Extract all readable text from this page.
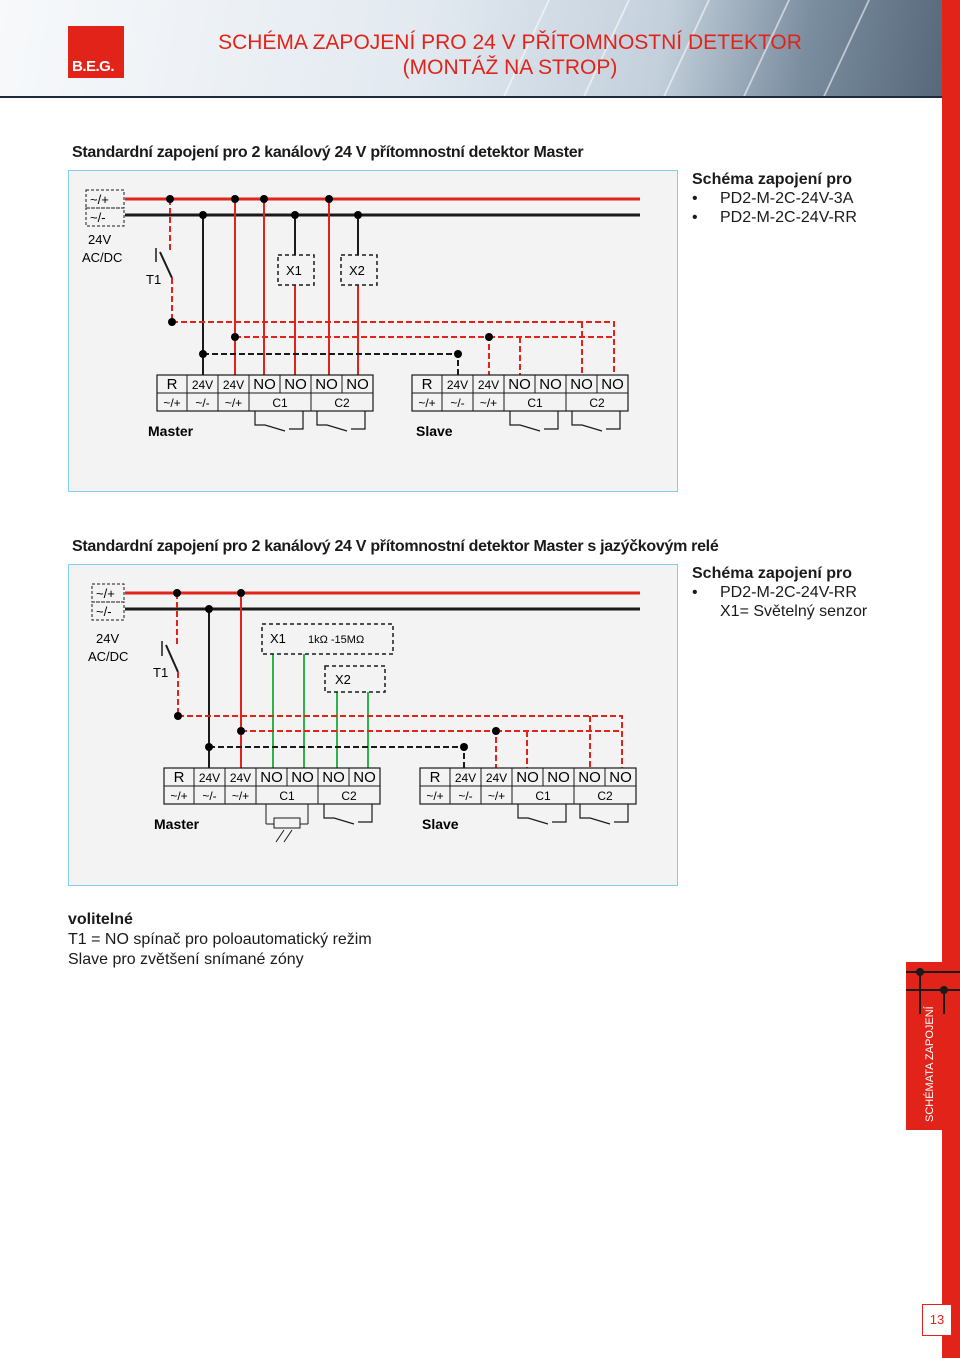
B.E.G.
SCHÉMA ZAPOJENÍ PRO 24 V PŘÍTOMNOSTNÍ DETEKTOR
(MONTÁŽ NA STROP)
SCHÉMATA ZAPOJENÍ
Standardní zapojení pro 2 kanálový 24 V přítomnostní detektor Master
Schéma zapojení pro
• PD2-M-2C-24V-3A
• PD2-M-2C-24V-RR
Standardní zapojení pro 2 kanálový 24 V přítomnostní detektor Master s jazýčkovým relé
Schéma zapojení pro
• PD2-M-2C-24V-RR
X1= Světelný senzor
~/+
~/-
24V
AC/DC
T1
X1	X2
R 24V 24V NO NO NO NO
~/+ ~/- ~/+	C1	C2
R 24V 24V NO NO NO NO
~/+ ~/- ~/+	C1	C2
Master	Slave
~/+
~/-
24V
AC/DC
T1
X1 1kΩ -15MΩ
X2
R 24V 24V NO NO NO NO
~/+ ~/- ~/+	C1	C2
R 24V 24V NO NO NO NO
~/+ ~/- ~/+	C1	C2
Master	Slave
volitelné
T1 = NO spínač pro poloautomatický režim
Slave pro zvětšení snímané zóny
13
